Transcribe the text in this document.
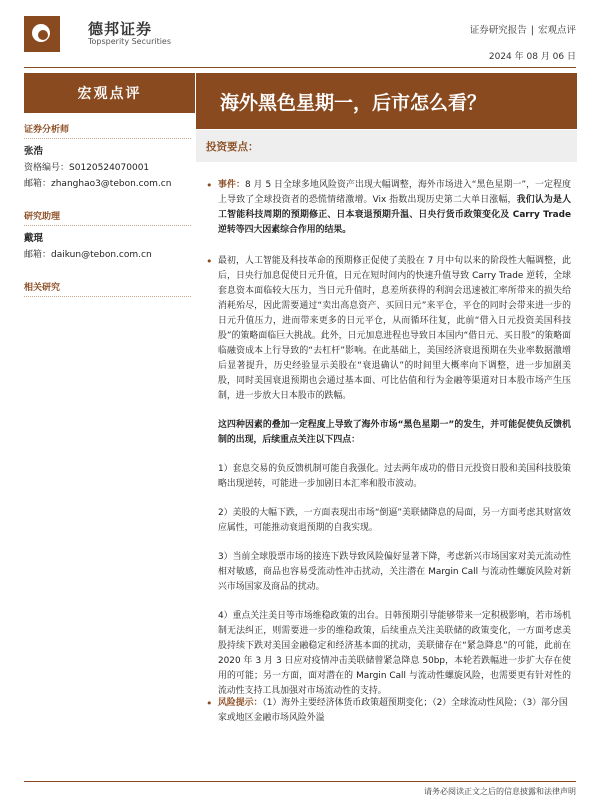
德邦证券
Topsperity Securities
证券研究报告 | 宏观点评
2024 年 08 月 06 日
宏观点评	海外黑色星期一，后市怎么看？
证券分析师
张浩
资格编号：S0120524070001
邮箱：zhanghao3@tebon.com.cn
研究助理
戴琨
邮箱：daikun@tebon.com.cn
相关研究
投资要点：

• 事件：8 月 5 日全球多地风险资产出现大幅调整，海外市场进入“黑色星期一”，一定程度上导致了全球投资者的恐慌情绪激增。Vix 指数出现历史第二大单日涨幅，我们认为是人工智能科技周期的预期修正、日本衰退预期升温、日央行货币政策变化及 Carry Trade 逆转等四大因素综合作用的结果。

• 最初，人工智能及科技革命的预期修正促使了美股在 7 月中旬以来的阶段性大幅调整，此后，日央行加息促使日元升值，日元在短时间内的快速升值导致 Carry Trade 逆转，全球套息资本面临较大压力，当日元升值时，息差所获得的利润会迅速被汇率所带来的损失给消耗殆尽，因此需要通过“卖出高息资产、买回日元”来平仓，平仓的同时会带来进一步的日元升值压力，进而带来更多的日元平仓，从而循环往复，此前“借入日元投资美国科技股”的策略面临巨大挑战。此外，日元加息进程也导致日本国内“借日元、买日股”的策略面临融资成本上行导致的“去杠杆”影响。在此基础上，美国经济衰退预期在失业率数据激增后显著提升，历史经验显示美股在“衰退确认”的时间里大概率向下调整，进一步加剧美股，同时美国衰退预期也会通过基本面、可比估值和行为金融等渠道对日本股市场产生压制，进一步放大日本股市的跌幅。

这四种因素的叠加一定程度上导致了海外市场“黑色星期一”的发生，并可能促使负反馈机制的出现，后续重点关注以下四点：

1）套息交易的负反馈机制可能自我强化。过去两年成功的借日元投资日股和美国科技股策略出现逆转，可能进一步加剧日本汇率和股市波动。

2）美股的大幅下跌，一方面表现出市场“倒逼”美联储降息的局面，另一方面考虑其财富效应属性，可能推动衰退预期的自我实现。

3）当前全球股票市场的接连下跌导致风险偏好显著下降，考虑新兴市场国家对美元流动性相对敏感，商品也容易受流动性冲击扰动，关注潜在 Margin Call 与流动性螺旋风险对新兴市场国家及商品的扰动。

4）重点关注美日等市场维稳政策的出台。日韩预期引导能够带来一定积极影响，若市场机制无法纠正，则需要进一步的维稳政策，后续重点关注美联储的政策变化，一方面考虑美股持续下跌对美国金融稳定和经济基本面的扰动，美联储存在“紧急降息”的可能，此前在 2020 年 3 月 3 日应对疫情冲击美联储曾紧急降息 50bp，本轮若跌幅进一步扩大存在使用的可能；另一方面，面对潜在的 Margin Call 与流动性螺旋风险，也需要更有针对性的流动性支持工具加强对市场流动性的支持。

• 风险提示：（1）海外主要经济体货币政策超预期变化；（2）全球流动性风险；（3）部分国家或地区金融市场风险外溢

请务必阅读正文之后的信息披露和法律声明
